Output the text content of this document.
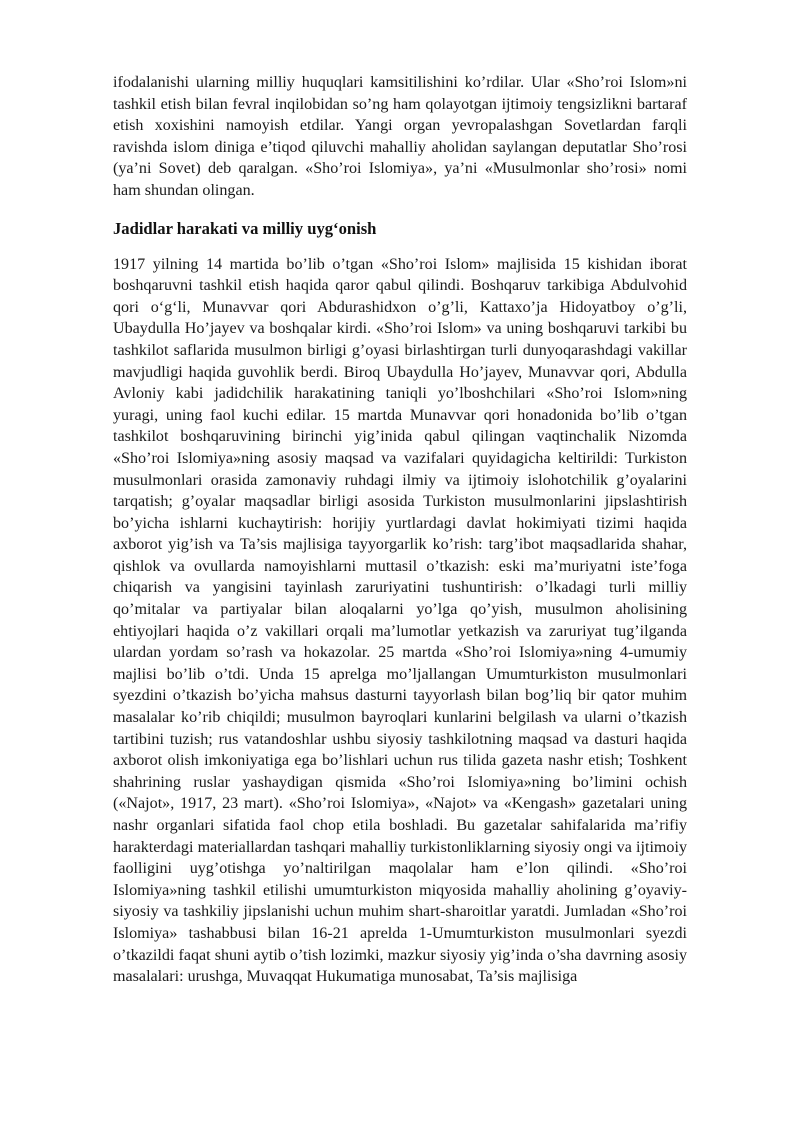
ifodalanishi ularning milliy huquqlari kamsitilishini ko’rdilar. Ular «Sho’roi Islom»ni tashkil etish bilan fevral inqilobidan so’ng ham qolayotgan ijtimoiy tengsizlikni bartaraf etish xoxishini namoyish etdilar. Yangi organ yevropalashgan Sovetlardan farqli ravishda islom diniga e’tiqod qiluvchi mahalliy aholidan saylangan deputatlar Sho’rosi (ya’ni Sovet) deb qaralgan. «Sho’roi Islomiya», ya’ni «Musulmonlar sho’rosi» nomi ham shundan olingan.

Jadidlar harakati va milliy uyg‘onish

1917 yilning 14 martida bo’lib o’tgan «Sho’roi Islom» majlisida 15 kishidan iborat boshqaruvni tashkil etish haqida qaror qabul qilindi. Boshqaruv tarkibiga Abdulvohid qori o‘g‘li, Munavvar qori Abdurashidxon o’g’li, Kattaxo’ja Hidoyatboy o’g’li, Ubaydulla Ho’jayev va boshqalar kirdi. «Sho’roi Islom» va uning boshqaruvi tarkibi bu tashkilot saflarida musulmon birligi g’oyasi birlashtirgan turli dunyoqarashdagi vakillar mavjudligi haqida guvohlik berdi. Biroq Ubaydulla Ho’jayev, Munavvar qori, Abdulla Avloniy kabi jadidchilik harakatining taniqli yo’lboshchilari «Sho’roi Islom»ning yuragi, uning faol kuchi edilar. 15 martda Munavvar qori honadonida bo’lib o’tgan tashkilot boshqaruvining birinchi yig’inida qabul qilingan vaqtinchalik Nizomda «Sho’roi Islomiya»ning asosiy maqsad va vazifalari quyidagicha keltirildi: Turkiston musulmonlari orasida zamonaviy ruhdagi ilmiy va ijtimoiy islohotchilik g’oyalarini tarqatish; g’oyalar maqsadlar birligi asosida Turkiston musulmonlarini jipslashtirish bo’yicha ishlarni kuchaytirish: horijiy yurtlardagi davlat hokimiyati tizimi haqida axborot yig’ish va Ta’sis majlisiga tayyorgarlik ko’rish: targ’ibot maqsadlarida shahar, qishlok va ovullarda namoyishlarni muttasil o’tkazish: eski ma’muriyatni iste’foga chiqarish va yangisini tayinlash zaruriyatini tushuntirish: o’lkadagi turli milliy qo’mitalar va partiyalar bilan aloqalarni yo’lga qo’yish, musulmon aholisining ehtiyojlari haqida o’z vakillari orqali ma’lumotlar yetkazish va zaruriyat tug’ilganda ulardan yordam so’rash va hokazolar. 25 martda «Sho’roi Islomiya»ning 4-umumiy majlisi bo’lib o’tdi. Unda 15 aprelga mo’ljallangan Umumturkiston musulmonlari syezdini o’tkazish bo’yicha mahsus dasturni tayyorlash bilan bog’liq bir qator muhim masalalar ko’rib chiqildi; musulmon bayroqlari kunlarini belgilash va ularni o’tkazish tartibini tuzish; rus vatandoshlar ushbu siyosiy tashkilotning maqsad va dasturi haqida axborot olish imkoniyatiga ega bo’lishlari uchun rus tilida gazeta nashr etish; Toshkent shahrining ruslar yashaydigan qismida «Sho’roi Islomiya»ning bo’limini ochish («Najot», 1917, 23 mart). «Sho’roi Islomiya», «Najot» va «Kengash» gazetalari uning nashr organlari sifatida faol chop etila boshladi. Bu gazetalar sahifalarida ma’rifiy harakterdagi materiallardan tashqari mahalliy turkistonliklarning siyosiy ongi va ijtimoiy faolligini uyg’otishga yo’naltirilgan maqolalar ham e’lon qilindi. «Sho’roi Islomiya»ning tashkil etilishi umumturkiston miqyosida mahalliy aholining g’oyaviy-siyosiy va tashkiliy jipslanishi uchun muhim shart-sharoitlar yaratdi. Jumladan «Sho’roi Islomiya» tashabbusi bilan 16-21 aprelda 1-Umumturkiston musulmonlari syezdi o’tkazildi faqat shuni aytib o’tish lozimki, mazkur siyosiy yig’inda o’sha davrning asosiy masalalari: urushga, Muvaqqat Hukumatiga munosabat, Ta’sis majlisiga
